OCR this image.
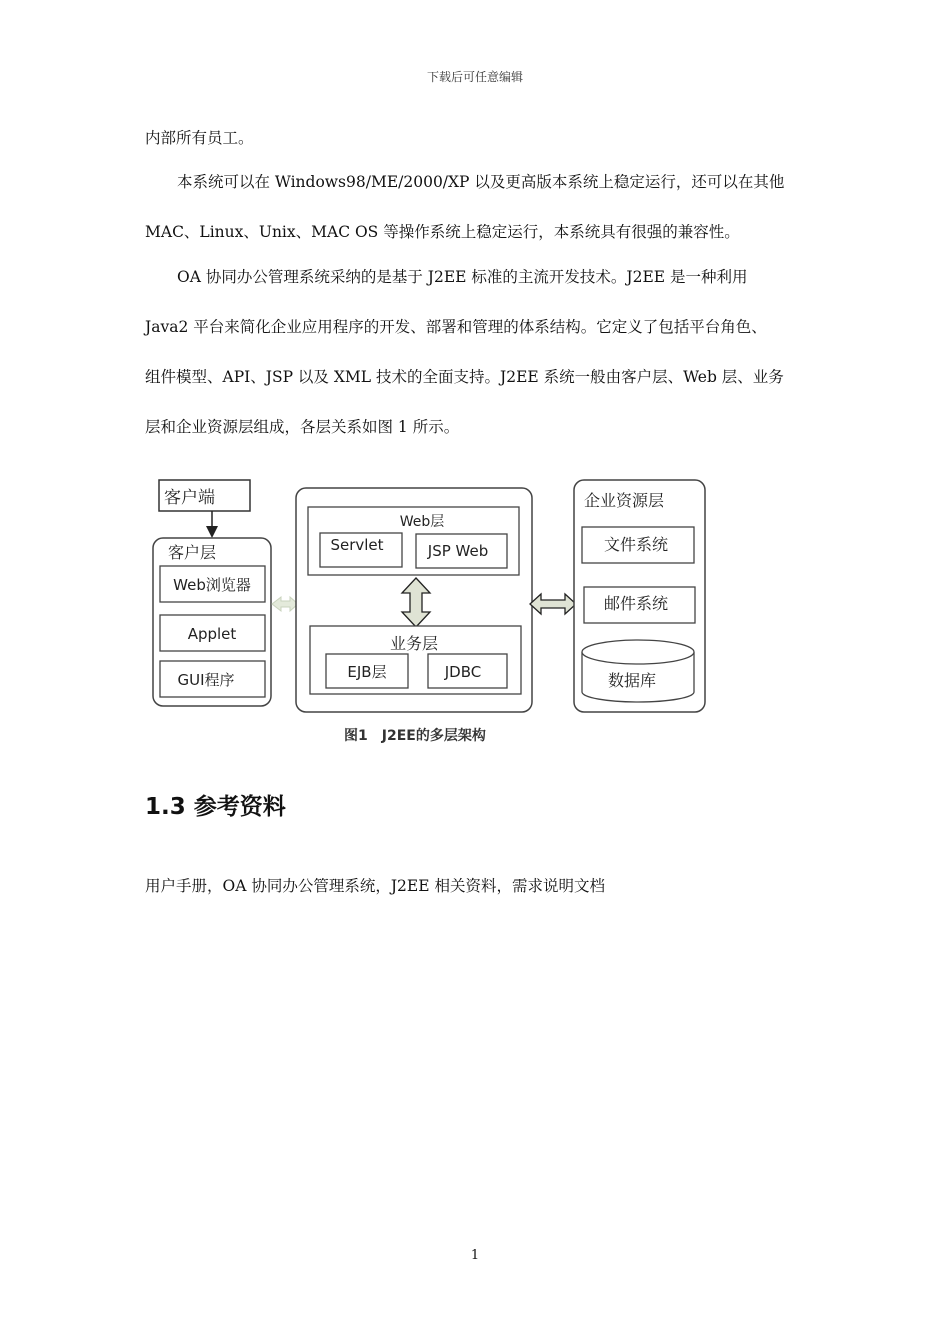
下载后可任意编辑
内部所有员工。
本系统可以在 Windows98/ME/2000/XP 以及更高版本系统上稳定运行，还可以在其他
MAC、Linux、Unix、MAC OS 等操作系统上稳定运行，本系统具有很强的兼容性。
OA 协同办公管理系统采纳的是基于 J2EE 标准的主流开发技术。J2EE 是一种利用
Java2 平台来简化企业应用程序的开发、部署和管理的体系结构。它定义了包括平台角色、
组件模型、API、JSP 以及 XML 技术的全面支持。J2EE 系统一般由客户层、Web 层、业务
层和企业资源层组成，各层关系如图 1 所示。
客户端
客户层
Web浏览器
Applet
GUI程序
Web层
Servlet	JSP Web
业务层
EJB层	JDBC
企业资源层
文件系统
邮件系统
数据库
图1　J2EE的多层架构
1.3 参考资料
用户手册，OA 协同办公管理系统，J2EE 相关资料，需求说明文档
1
